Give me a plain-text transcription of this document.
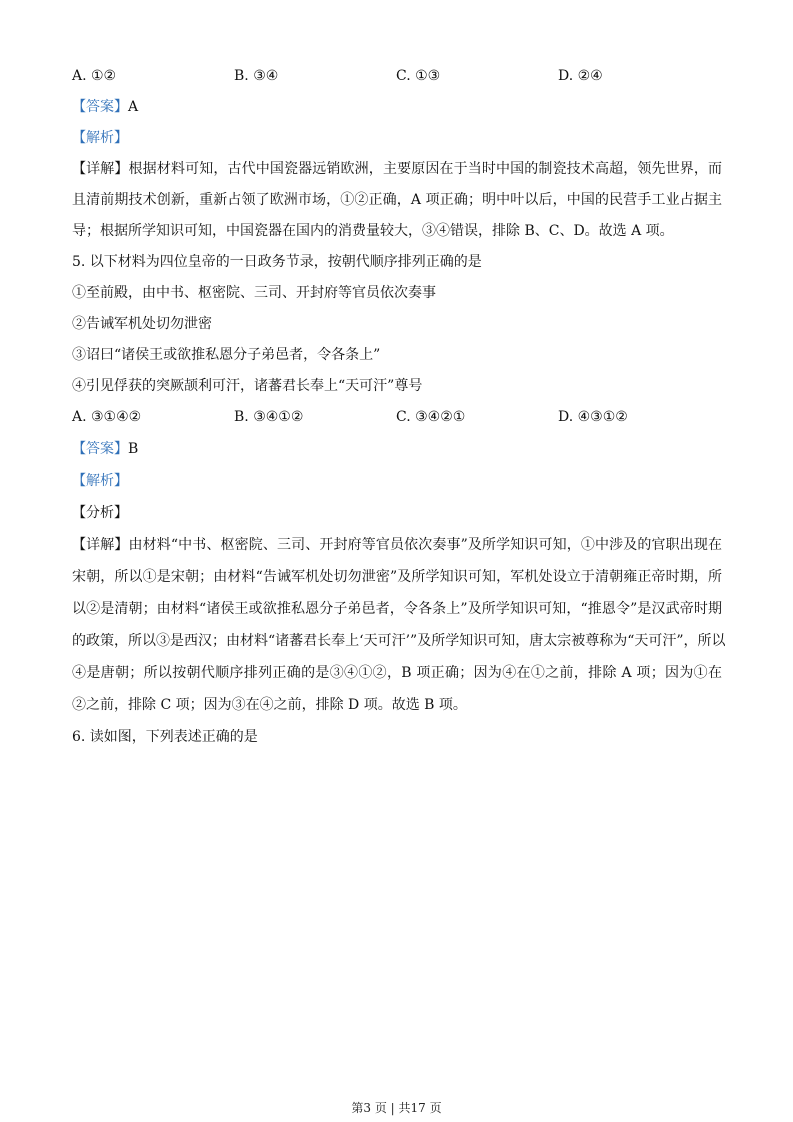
A. ①②	B. ③④	C. ①③	D. ②④
【答案】A
【解析】
【详解】根据材料可知，古代中国瓷器远销欧洲，主要原因在于当时中国的制瓷技术高超，领先世界，而
且清前期技术创新，重新占领了欧洲市场，①②正确，A 项正确；明中叶以后，中国的民营手工业占据主
导；根据所学知识可知，中国瓷器在国内的消费量较大，③④错误，排除 B、C、D。故选 A 项。
5. 以下材料为四位皇帝的一日政务节录，按朝代顺序排列正确的是
①至前殿，由中书、枢密院、三司、开封府等官员依次奏事
②告诫军机处切勿泄密
③诏曰“诸侯王或欲推私恩分子弟邑者，令各条上”
④引见俘获的突厥颉利可汗，诸蕃君长奉上“天可汗”尊号
A. ③①④②	B. ③④①②	C. ③④②①	D. ④③①②
【答案】B
【解析】
【分析】
【详解】由材料“中书、枢密院、三司、开封府等官员依次奏事”及所学知识可知，①中涉及的官职出现在
宋朝，所以①是宋朝；由材料“告诫军机处切勿泄密”及所学知识可知，军机处设立于清朝雍正帝时期，所
以②是清朝；由材料“诸侯王或欲推私恩分子弟邑者，令各条上”及所学知识可知，“推恩令”是汉武帝时期
的政策，所以③是西汉；由材料“诸蕃君长奉上‘天可汗’”及所学知识可知，唐太宗被尊称为“天可汗”，所以
④是唐朝；所以按朝代顺序排列正确的是③④①②，B 项正确；因为④在①之前，排除 A 项；因为①在
②之前，排除 C 项；因为③在④之前，排除 D 项。故选 B 项。
6. 读如图，下列表述正确的是
第3 页 | 共17 页
